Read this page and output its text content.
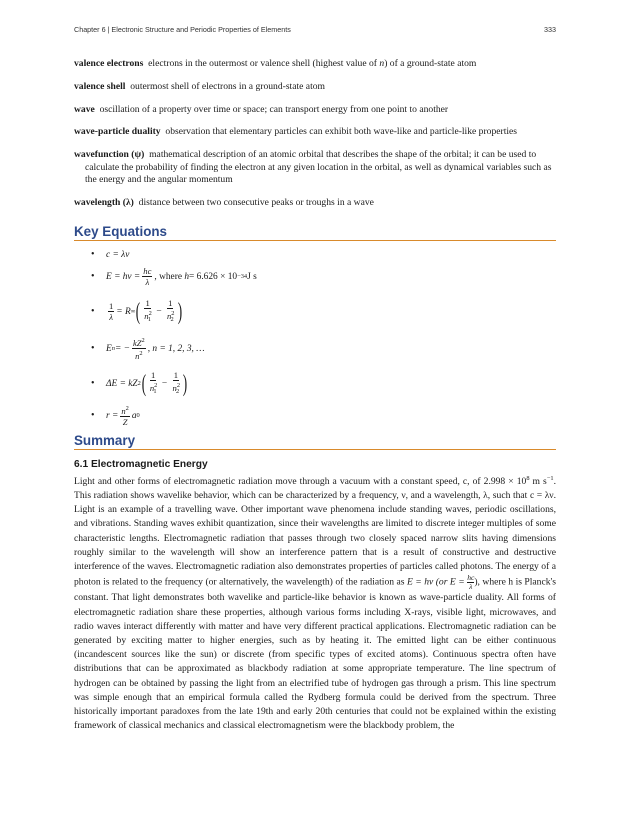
Chapter 6 | Electronic Structure and Periodic Properties of Elements	333

valence electrons electrons in the outermost or valence shell (highest value of n) of a ground-state atom

valence shell outermost shell of electrons in a ground-state atom

wave oscillation of a property over time or space; can transport energy from one point to another

wave-particle duality observation that elementary particles can exhibit both wave-like and particle-like properties

wavefunction (ψ) mathematical description of an atomic orbital that describes the shape of the orbital; it can be used to calculate the probability of finding the electron at any given location in the orbital, as well as dynamical variables such as the energy and the angular momentum

wavelength (λ) distance between two consecutive peaks or troughs in a wave

Key Equations
• c = λν
• $E = h\nu = \frac{hc}{\lambda}$ , where
h = 6.626 × 10 −34 J s
• $\frac{1}{\lambda} = R$ ∞ ( $\frac{1}{n^2_1} - \frac{1}{n^2_2}$ )
• E n = − $\frac{kZ^2}{n^2}$ , n = 1, 2, 3, …
• ΔE = kZ 2 ( $\frac{1}{n^2_1} - \frac{1}{n^2_2}$ )
• $r = \frac{n^2}{Z}$ a 0
Summary
6.1 Electromagnetic Energy

Light and other forms of electromagnetic radiation move through a vacuum with a constant speed, c, of $2.998 \times 10^8$ m $s^{-1}$. This radiation shows wavelike behavior, which can be characterized by a frequency, ν, and a wavelength, λ, such that c = λν. Light is an example of a travelling wave. Other important wave phenomena include standing waves, periodic oscillations, and vibrations. Standing waves exhibit quantization, since their wavelengths are limited to discrete integer multiples of some characteristic lengths. Electromagnetic radiation that passes through two closely spaced narrow slits having dimensions roughly similar to the wavelength will show an interference pattern that is a result of constructive and destructive interference of the waves. Electromagnetic radiation also demonstrates properties of particles called photons. The energy of a photon is related to the frequency (or alternatively, the wavelength) of the radiation as E = hν (or $E = \frac{hc}{\lambda}$ ), where h is Planck's constant. That light demonstrates both wavelike and particle-like behavior is known as wave-particle duality. All forms of electromagnetic radiation share these properties, although various forms including X-rays, visible light, microwaves, and radio waves interact differently with matter and have very different practical applications. Electromagnetic radiation can be generated by exciting matter to higher energies, such as by heating it. The emitted light can be either continuous (incandescent sources like the sun) or discrete (from specific types of excited atoms). Continuous spectra often have distributions that can be approximated as blackbody radiation at some appropriate temperature. The line spectrum of hydrogen can be obtained by passing the light from an electrified tube of hydrogen gas through a prism. This line spectrum was simple enough that an empirical formula called the Rydberg formula could be derived from the spectrum. Three historically important paradoxes from the late 19th and early 20th centuries that could not be explained within the existing framework of classical mechanics and classical electromagnetism were the blackbody problem, the
